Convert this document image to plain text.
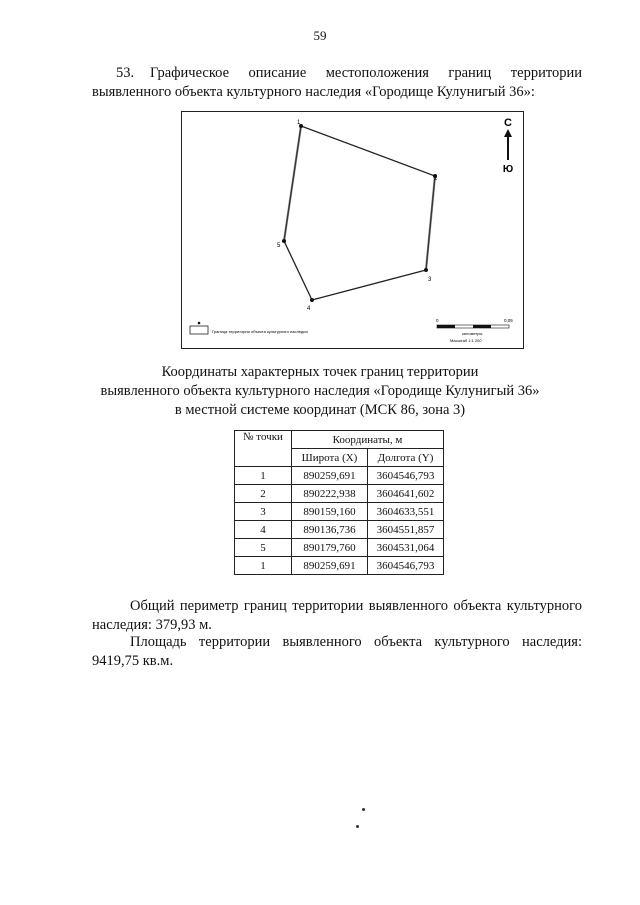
59
53. Графическое описание местоположения границ территории выявленного объекта культурного наследия «Городище Кулунигый 36»:
1
2
3
4
5
С
Ю
Граница территории объекта культурного наследия
0	0,05
километры
Масштаб 1:1 200
Координаты характерных точек границ территории
выявленного объекта культурного наследия «Городище Кулунигый 36»
в местной системе координат (МСК 86, зона 3)
№ точки	Координаты, м	
	Широта (X)	Долгота (Y)
1	890259,691	3604546,793
2	890222,938	3604641,602
3	890159,160	3604633,551
4	890136,736	3604551,857
5	890179,760	3604531,064
1	890259,691	3604546,793
Общий периметр границ территории выявленного объекта культурного наследия: 379,93 м.
Площадь территории выявленного объекта культурного наследия: 9419,75 кв.м.
